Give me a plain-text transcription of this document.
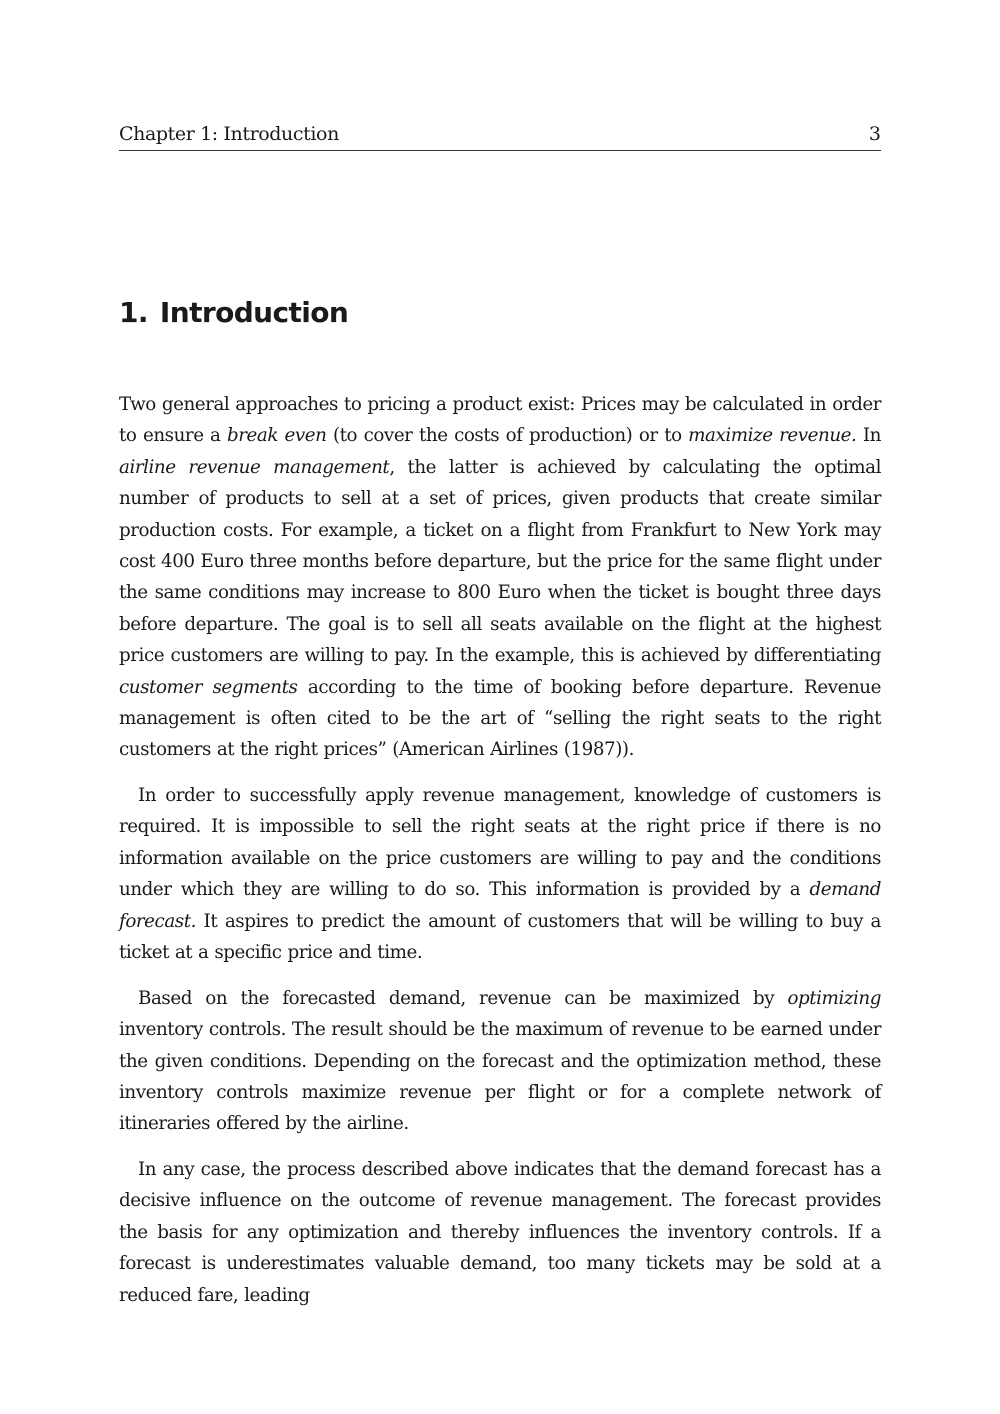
Chapter 1: Introduction	3
1. Introduction

Two general approaches to pricing a product exist: Prices may be calculated in order to ensure a break even (to cover the costs of production) or to maximize revenue. In airline revenue management, the latter is achieved by calculating the optimal number of products to sell at a set of prices, given products that create similar production costs. For example, a ticket on a flight from Frankfurt to New York may cost 400 Euro three months before departure, but the price for the same flight under the same conditions may increase to 800 Euro when the ticket is bought three days before departure. The goal is to sell all seats available on the flight at the highest price customers are willing to pay. In the example, this is achieved by differentiating customer segments according to the time of booking before departure. Revenue management is often cited to be the art of “selling the right seats to the right customers at the right prices” (American Airlines (1987)).

In order to successfully apply revenue management, knowledge of customers is required. It is impossible to sell the right seats at the right price if there is no information available on the price customers are willing to pay and the conditions under which they are willing to do so. This information is provided by a demand forecast. It aspires to predict the amount of customers that will be willing to buy a ticket at a specific price and time.

Based on the forecasted demand, revenue can be maximized by optimizing inventory controls. The result should be the maximum of revenue to be earned under the given conditions. Depending on the forecast and the optimization method, these inventory controls maximize revenue per flight or for a complete network of itineraries offered by the airline.

In any case, the process described above indicates that the demand forecast has a decisive influence on the outcome of revenue management. The forecast provides the basis for any optimization and thereby influences the inventory controls. If a forecast is underestimates valuable demand, too many tickets may be sold at a reduced fare, leading
